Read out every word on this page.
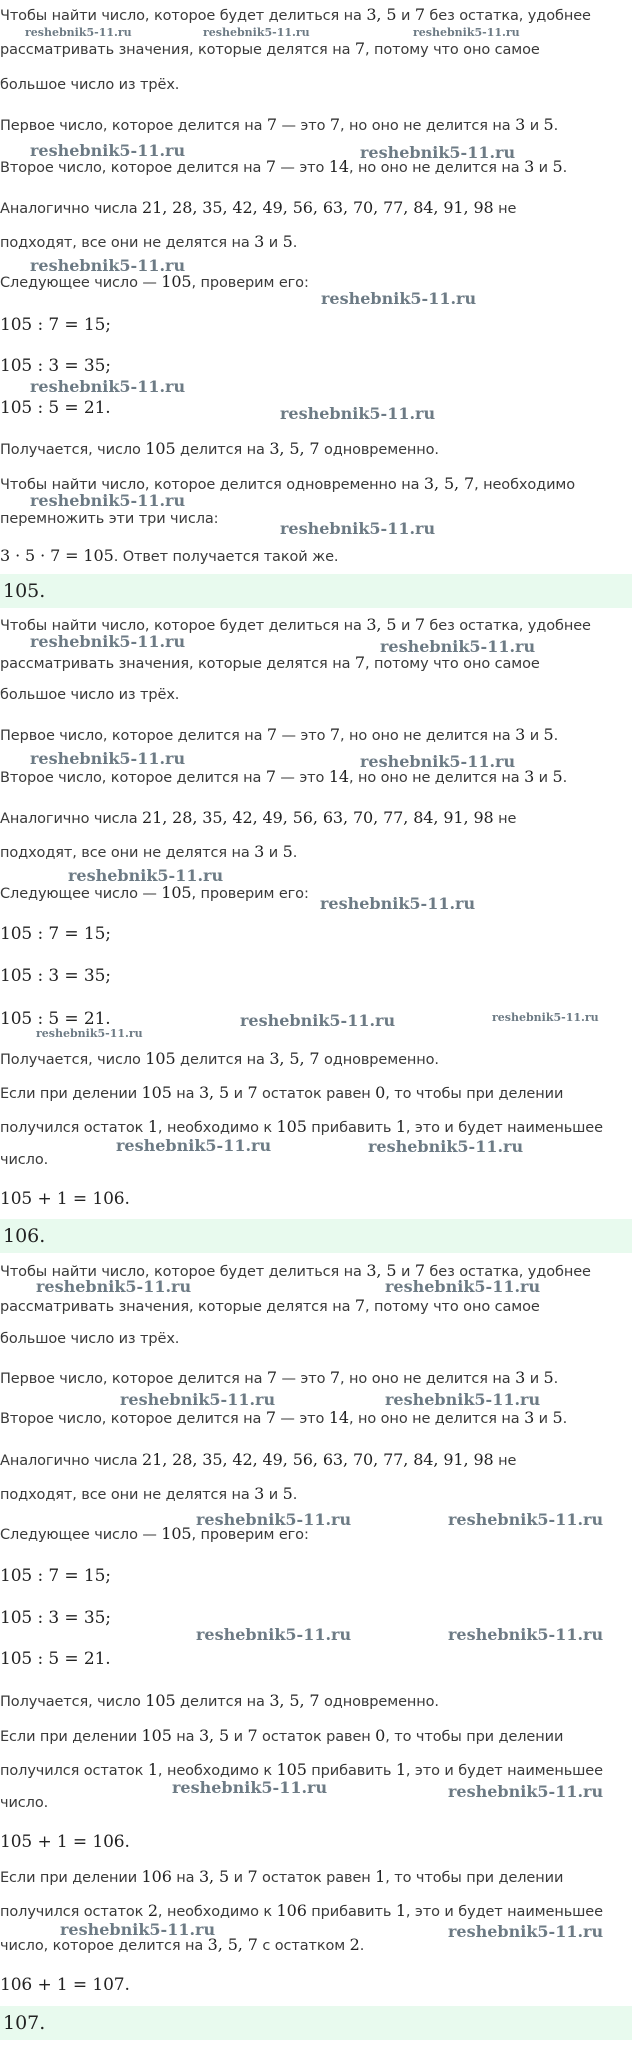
Чтобы найти число, которое будет делиться на 3, 5 и 7 без остатка, удобнее
рассматривать значения, которые делятся на 7, потому что оно самое
большое число из трёх.
Первое число, которое делится на 7 — это 7, но оно не делится на 3 и 5.
Второе число, которое делится на 7 — это 14, но оно не делится на 3 и 5.
Аналогично числа 21, 28, 35, 42, 49, 56, 63, 70, 77, 84, 91, 98 не
подходят, все они не делятся на 3 и 5.
Следующее число — 105, проверим его:
105 : 7 = 15;
105 : 3 = 35;
105 : 5 = 21.
Получается, число 105 делится на 3, 5, 7 одновременно.
Чтобы найти число, которое делится одновременно на 3, 5, 7, необходимо
перемножить эти три числа:
3 · 5 · 7 = 105. Ответ получается такой же.
105.
Чтобы найти число, которое будет делиться на 3, 5 и 7 без остатка, удобнее
рассматривать значения, которые делятся на 7, потому что оно самое
большое число из трёх.
Первое число, которое делится на 7 — это 7, но оно не делится на 3 и 5.
Второе число, которое делится на 7 — это 14, но оно не делится на 3 и 5.
Аналогично числа 21, 28, 35, 42, 49, 56, 63, 70, 77, 84, 91, 98 не
подходят, все они не делятся на 3 и 5.
Следующее число — 105, проверим его:
105 : 7 = 15;
105 : 3 = 35;
105 : 5 = 21.
Получается, число 105 делится на 3, 5, 7 одновременно.
Если при делении 105 на 3, 5 и 7 остаток равен 0, то чтобы при делении
получился остаток 1, необходимо к 105 прибавить 1, это и будет наименьшее
число.
105 + 1 = 106.
106.
Чтобы найти число, которое будет делиться на 3, 5 и 7 без остатка, удобнее
рассматривать значения, которые делятся на 7, потому что оно самое
большое число из трёх.
Первое число, которое делится на 7 — это 7, но оно не делится на 3 и 5.
Второе число, которое делится на 7 — это 14, но оно не делится на 3 и 5.
Аналогично числа 21, 28, 35, 42, 49, 56, 63, 70, 77, 84, 91, 98 не
подходят, все они не делятся на 3 и 5.
Следующее число — 105, проверим его:
105 : 7 = 15;
105 : 3 = 35;
105 : 5 = 21.
Получается, число 105 делится на 3, 5, 7 одновременно.
Если при делении 105 на 3, 5 и 7 остаток равен 0, то чтобы при делении
получился остаток 1, необходимо к 105 прибавить 1, это и будет наименьшее
число.
105 + 1 = 106.
Если при делении 106 на 3, 5 и 7 остаток равен 1, то чтобы при делении
получился остаток 2, необходимо к 106 прибавить 1, это и будет наименьшее
число, которое делится на 3, 5, 7 с остатком 2.
106 + 1 = 107.
107.
reshebnik5-11.ru	reshebnik5-11.ru	reshebnik5-11.ru
reshebnik5-11.ru	reshebnik5-11.ru
reshebnik5-11.ru
reshebnik5-11.ru
reshebnik5-11.ru
reshebnik5-11.ru
reshebnik5-11.ru
reshebnik5-11.ru
reshebnik5-11.ru	reshebnik5-11.ru
reshebnik5-11.ru	reshebnik5-11.ru
reshebnik5-11.ru
reshebnik5-11.ru
reshebnik5-11.ru	reshebnik5-11.ru
reshebnik5-11.ru
reshebnik5-11.ru	reshebnik5-11.ru
reshebnik5-11.ru	reshebnik5-11.ru
reshebnik5-11.ru	reshebnik5-11.ru
reshebnik5-11.ru	reshebnik5-11.ru
reshebnik5-11.ru	reshebnik5-11.ru
reshebnik5-11.ru	reshebnik5-11.ru
reshebnik5-11.ru	reshebnik5-11.ru
